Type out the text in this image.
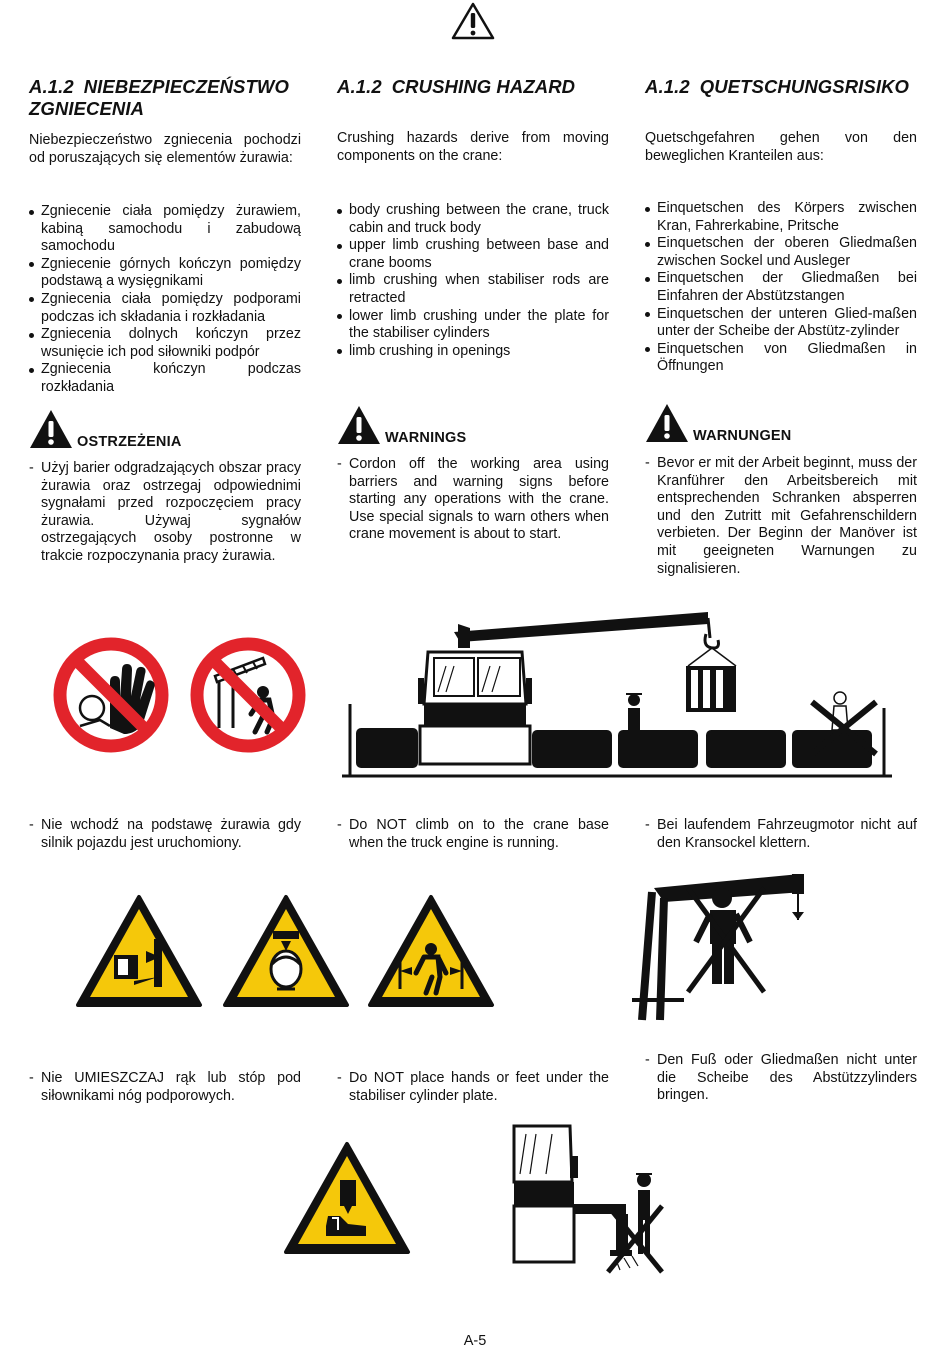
A.1.2 NIEBEZPIECZEŃSTWO ZGNIECENIA

A.1.2 CRUSHING HAZARD	A.1.2 QUETSCHUNGSRISIKO

Niebezpieczeństwo zgniecenia pochodzi od poruszających się elementów żurawia:

Crushing hazards derive from moving components on the crane:

Quetschgefahren gehen von den beweglichen Kranteilen aus:

Zgniecenie ciała pomiędzy żurawiem, kabiną samochodu i zabudową samochodu
Zgniecenie górnych kończyn pomiędzy podstawą a wysięgnikami
Zgniecenia ciała pomiędzy podporami podczas ich składania i rozkładania
Zgniecenia dolnych kończyn przez wsunięcie ich pod siłowniki podpór
Zgniecenia kończyn podczas rozkładania
body crushing between the crane, truck cabin and truck body
upper limb crushing between base and crane booms
limb crushing when stabiliser rods are retracted
lower limb crushing under the plate for the stabiliser cylinders
limb crushing in openings
Einquetschen des Körpers zwischen Kran, Fahrerkabine, Pritsche
Einquetschen der oberen Gliedmaßen zwischen Sockel und Ausleger
Einquetschen der Gliedmaßen bei Einfahren der Abstützstangen
Einquetschen der unteren Glied-maßen unter der Scheibe der Abstütz-zylinder
Einquetschen von Gliedmaßen in Öffnungen
OSTRZEŻENIA	WARNINGS	WARNUNGEN

- Użyj barier odgradzających obszar pracy żurawia oraz ostrzegaj odpowiednimi sygnałami przed rozpoczęciem pracy żurawia. Używaj sygnałów ostrzegających osoby postronne w trakcie rozpoczynania pracy żurawia.

- Cordon off the working area using barriers and warning signs before starting any operations with the crane. Use special signals to warn others when crane movement is about to start.

- Bevor er mit der Arbeit beginnt, muss der Kranführer den Arbeitsbereich mit entsprechenden Schranken absperren und den Zutritt mit Gefahrenschildern verbieten. Der Beginn der Manöver ist mit geeigneten Warnungen zu signalisieren.

- Nie wchodź na podstawę żurawia gdy silnik pojazdu jest uruchomiony.

- Do NOT climb on to the crane base when the truck engine is running.

- Bei laufendem Fahrzeugmotor nicht auf den Kransockel klettern.

- Nie UMIESZCZAJ rąk lub stóp pod siłownikami nóg podporowych.

- Do NOT place hands or feet under the stabiliser cylinder plate.

- Den Fuß oder Gliedmaßen nicht unter die Scheibe des Abstützzylinders bringen.

A-5
